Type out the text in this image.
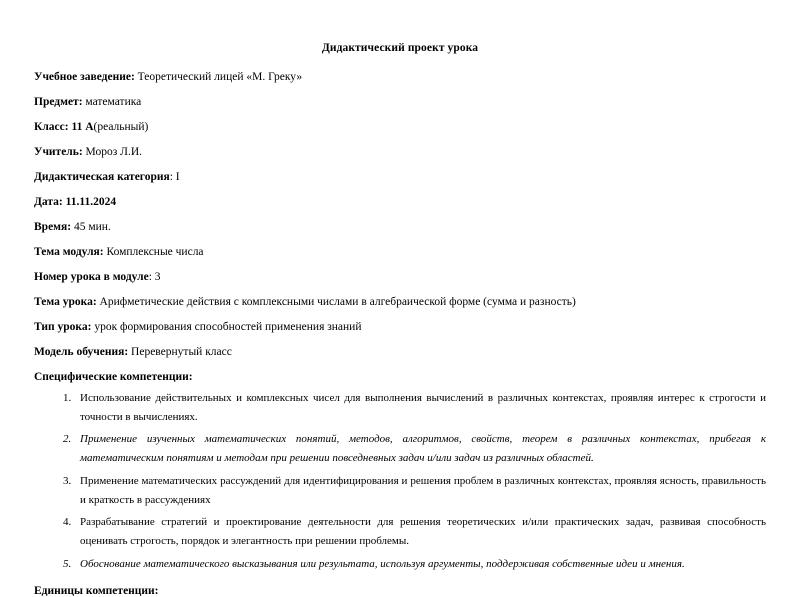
Дидактический проект урока
Учебное заведение: Теоретический лицей «М. Греку»
Предмет: математика
Класс: 11 А(реальный)
Учитель: Мороз Л.И.
Дидактическая категория: I
Дата: 11.11.2024
Время: 45 мин.
Тема модуля: Комплексные числа
Номер урока в модуле: 3
Тема урока: Арифметические действия с комплексными числами в алгебраической форме (сумма и разность)
Тип урока: урок формирования способностей применения знаний
Модель обучения: Перевернутый класс
Специфические компетенции:
1. Использование действительных и комплексных чисел для выполнения вычислений в различных контекстах, проявляя интерес к строгости и точности в вычислениях.
2. Применение изученных математических понятий, методов, алгоритмов, свойств, теорем в различных контекстах, прибегая к математическим понятиям и методам при решении повседневных задач и/или задач из различных областей.
3. Применение математических рассуждений для идентифицирования и решения проблем в различных контекстах, проявляя ясность, правильность и краткость в рассуждениях
4. Разрабатывание стратегий и проектирование деятельности для решения теоретических и/или практических задач, развивая способность оценивать строгость, порядок и элегантность при решении проблемы.
5. Обоснование математического высказывания или результата, используя аргументы, поддерживая собственные идеи и мнения.
Единицы компетенции:
